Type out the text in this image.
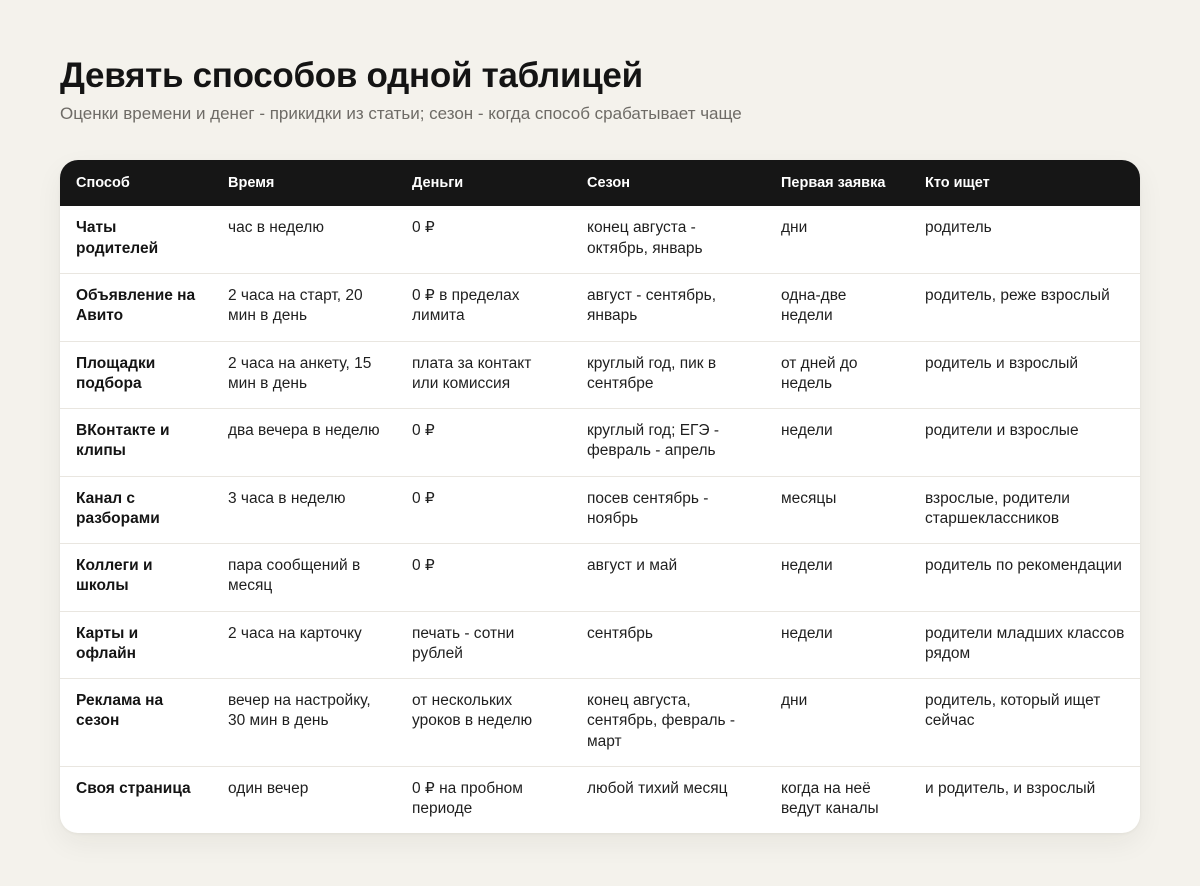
Девять способов одной таблицей

Оценки времени и денег - прикидки из статьи; сезон - когда способ срабатывает чаще

Способ	Время	Деньги	Сезон	Первая заявка	Кто ищет
Чаты родителей	час в неделю	0 ₽	конец августа - октябрь, январь	дни	родитель
Объявление на Авито	2 часа на старт, 20 мин в день	0 ₽ в пределах лимита	август - сентябрь, январь	одна-две недели	родитель, реже взрослый
Площадки подбора	2 часа на анкету, 15 мин в день	плата за контакт или комиссия	круглый год, пик в сентябре	от дней до недель	родитель и взрослый
ВКонтакте и клипы	два вечера в неделю	0 ₽	круглый год; ЕГЭ - февраль - апрель	недели	родители и взрослые
Канал с разборами	3 часа в неделю	0 ₽	посев сентябрь - ноябрь	месяцы	взрослые, родители старшеклассников
Коллеги и школы	пара сообщений в месяц	0 ₽	август и май	недели	родитель по рекомендации
Карты и офлайн	2 часа на карточку	печать - сотни рублей	сентябрь	недели	родители младших классов рядом
Реклама на сезон	вечер на настройку, 30 мин в день	от нескольких уроков в неделю	конец августа, сентябрь, февраль - март	дни	родитель, который ищет сейчас
Своя страница	один вечер	0 ₽ на пробном периоде	любой тихий месяц	когда на неё ведут каналы	и родитель, и взрослый
